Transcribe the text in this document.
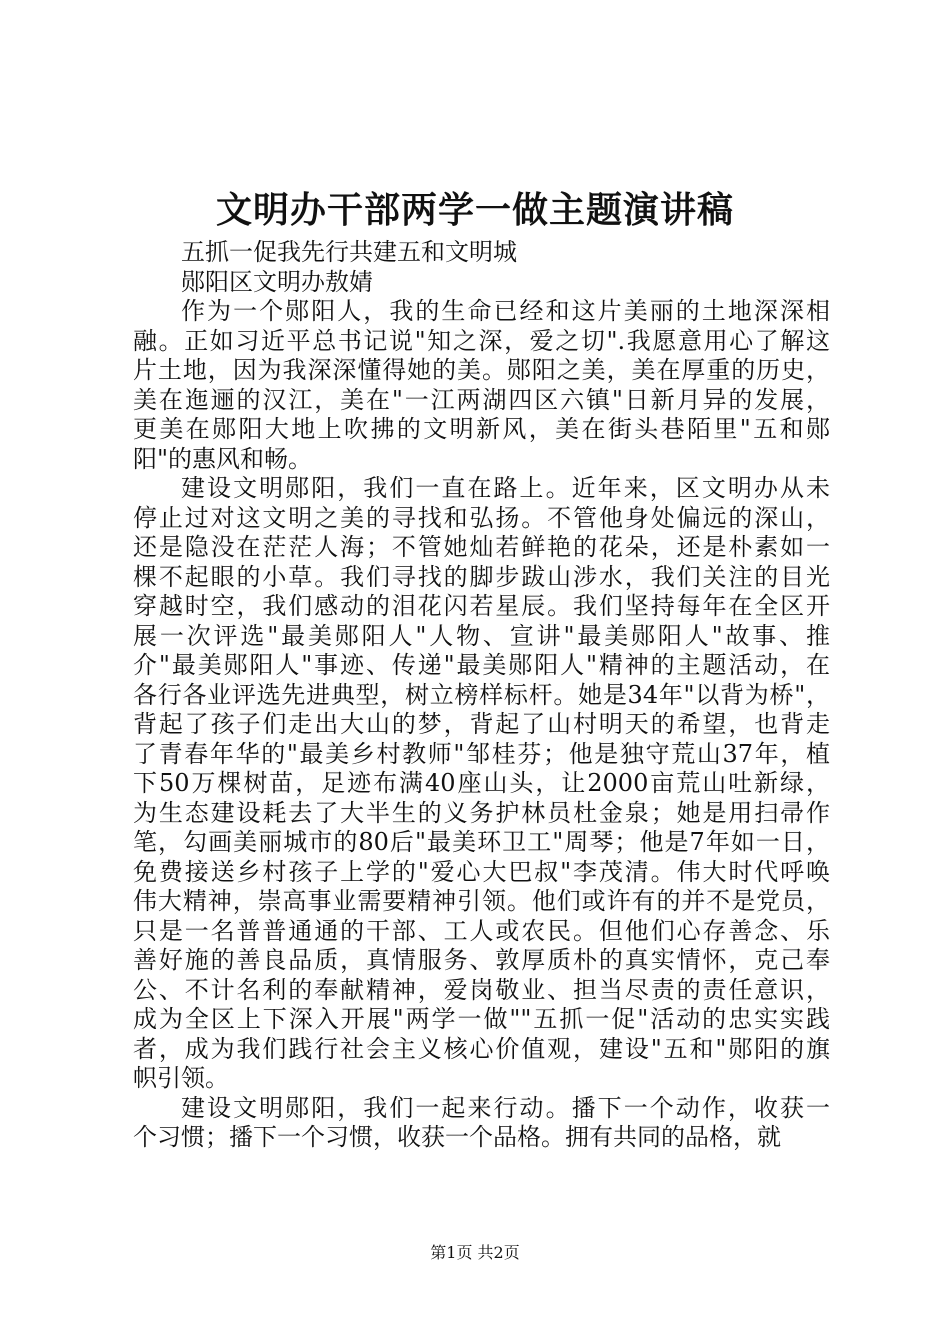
文明办干部两学一做主题演讲稿
五抓一促我先行共建五和文明城
郧阳区文明办敖婧
作为一个郧阳人，我的生命已经和这片美丽的土地深深相
融。正如习近平总书记说"知之深，爱之切".我愿意用心了解这
片土地，因为我深深懂得她的美。郧阳之美，美在厚重的历史，
美在迤逦的汉江，美在"一江两湖四区六镇"日新月异的发展，
更美在郧阳大地上吹拂的文明新风，美在街头巷陌里"五和郧
阳"的惠风和畅。
建设文明郧阳，我们一直在路上。近年来，区文明办从未
停止过对这文明之美的寻找和弘扬。不管他身处偏远的深山，
还是隐没在茫茫人海；不管她灿若鲜艳的花朵，还是朴素如一
棵不起眼的小草。我们寻找的脚步跋山涉水，我们关注的目光
穿越时空，我们感动的泪花闪若星辰。我们坚持每年在全区开
展一次评选"最美郧阳人"人物、宣讲"最美郧阳人"故事、推
介"最美郧阳人"事迹、传递"最美郧阳人"精神的主题活动，在
各行各业评选先进典型，树立榜样标杆。她是34年"以背为桥"，
背起了孩子们走出大山的梦，背起了山村明天的希望，也背走
了青春年华的"最美乡村教师"邹桂芬；他是独守荒山37年，植
下50万棵树苗，足迹布满40座山头，让2000亩荒山吐新绿，
为生态建设耗去了大半生的义务护林员杜金泉；她是用扫帚作
笔，勾画美丽城市的80后"最美环卫工"周琴；他是7年如一日，
免费接送乡村孩子上学的"爱心大巴叔"李茂清。伟大时代呼唤
伟大精神，崇高事业需要精神引领。他们或许有的并不是党员，
只是一名普普通通的干部、工人或农民。但他们心存善念、乐
善好施的善良品质，真情服务、敦厚质朴的真实情怀，克己奉
公、不计名利的奉献精神，爱岗敬业、担当尽责的责任意识，
成为全区上下深入开展"两学一做""五抓一促"活动的忠实实践
者，成为我们践行社会主义核心价值观，建设"五和"郧阳的旗
帜引领。
建设文明郧阳，我们一起来行动。播下一个动作，收获一
个习惯；播下一个习惯，收获一个品格。拥有共同的品格，就
第1页 共2页
